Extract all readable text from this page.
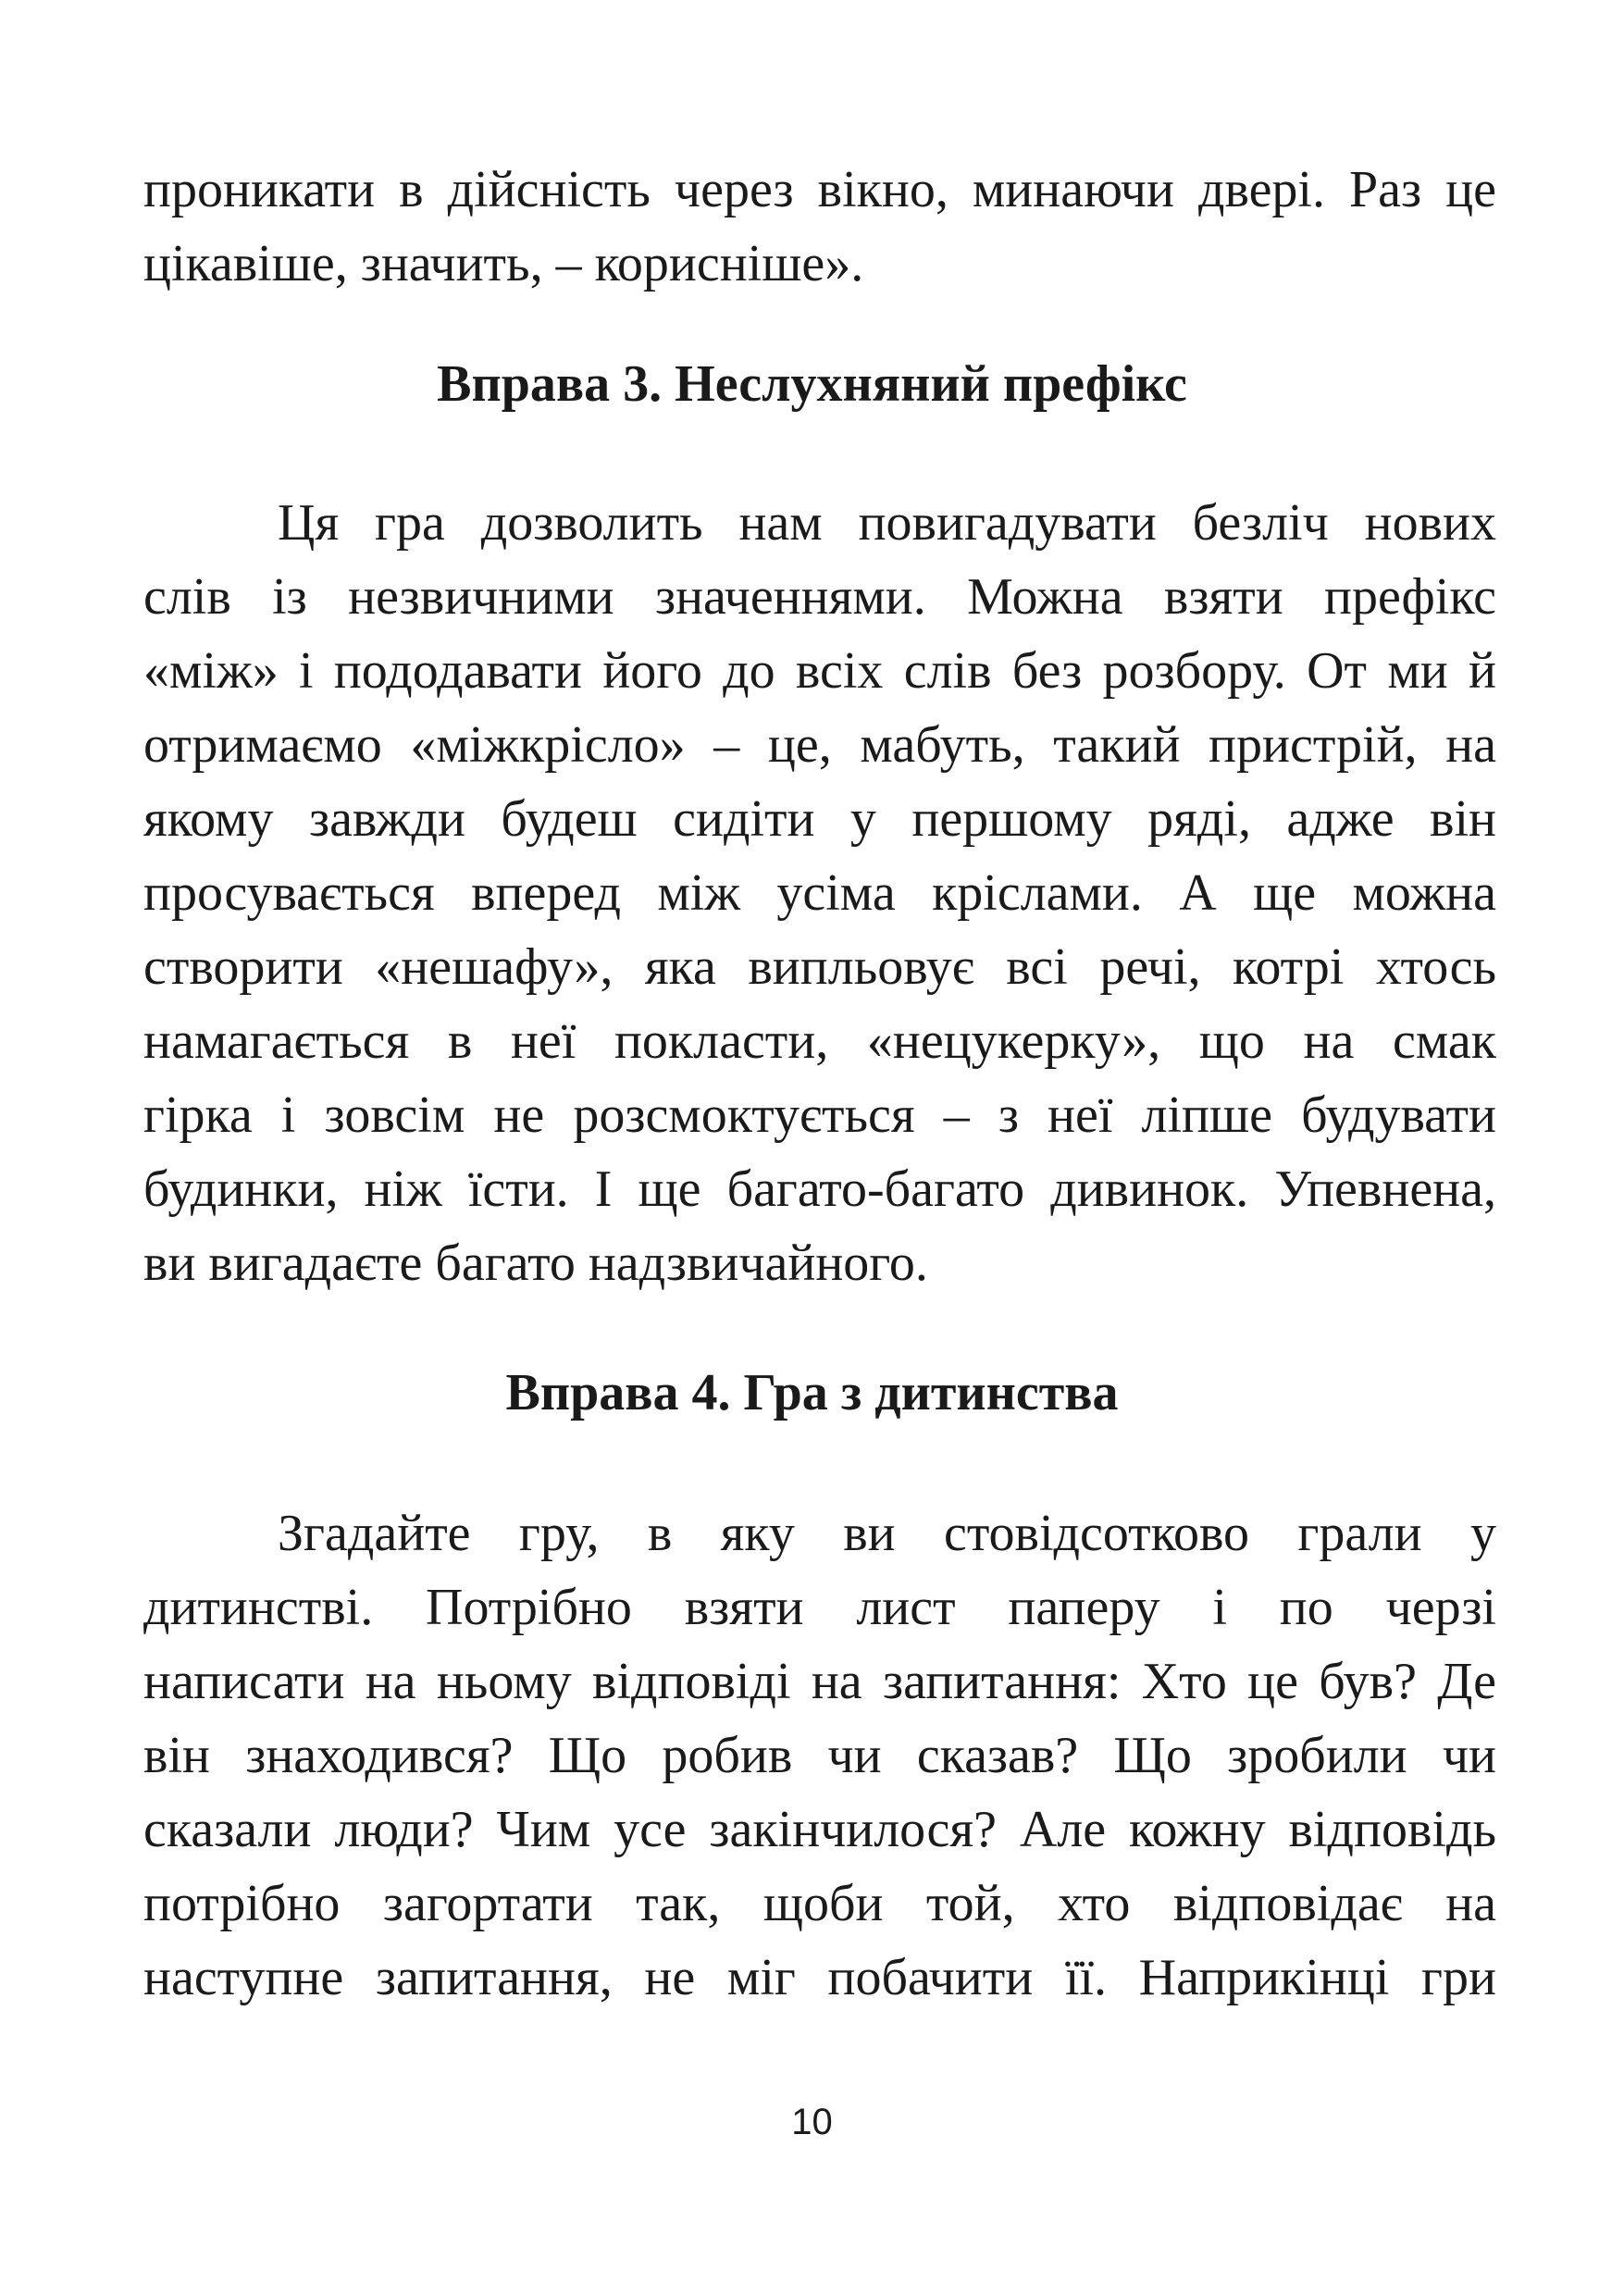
проникати в дійсність через вікно, минаючи двері. Раз це
цікавіше, значить, – корисніше».
Вправа 3. Неслухняний префікс
Ця гра дозволить нам повигадувати безліч нових
слів із незвичними значеннями. Можна взяти префікс
«між» і пододавати його до всіх слів без розбору. От ми й
отримаємо «міжкрісло» – це, мабуть, такий пристрій, на
якому завжди будеш сидіти у першому ряді, адже він
просувається вперед між усіма кріслами. А ще можна
створити «нешафу», яка випльовує всі речі, котрі хтось
намагається в неї покласти, «нецукерку», що на смак
гірка і зовсім не розсмоктується – з неї ліпше будувати
будинки, ніж їсти. І ще багато-багато дивинок. Упевнена,
ви вигадаєте багато надзвичайного.
Вправа 4. Гра з дитинства
Згадайте гру, в яку ви стовідсотково грали у
дитинстві. Потрібно взяти лист паперу і по черзі
написати на ньому відповіді на запитання: Хто це був? Де
він знаходився? Що робив чи сказав? Що зробили чи
сказали люди? Чим усе закінчилося? Але кожну відповідь
потрібно загортати так, щоби той, хто відповідає на
наступне запитання, не міг побачити її. Наприкінці гри
10
